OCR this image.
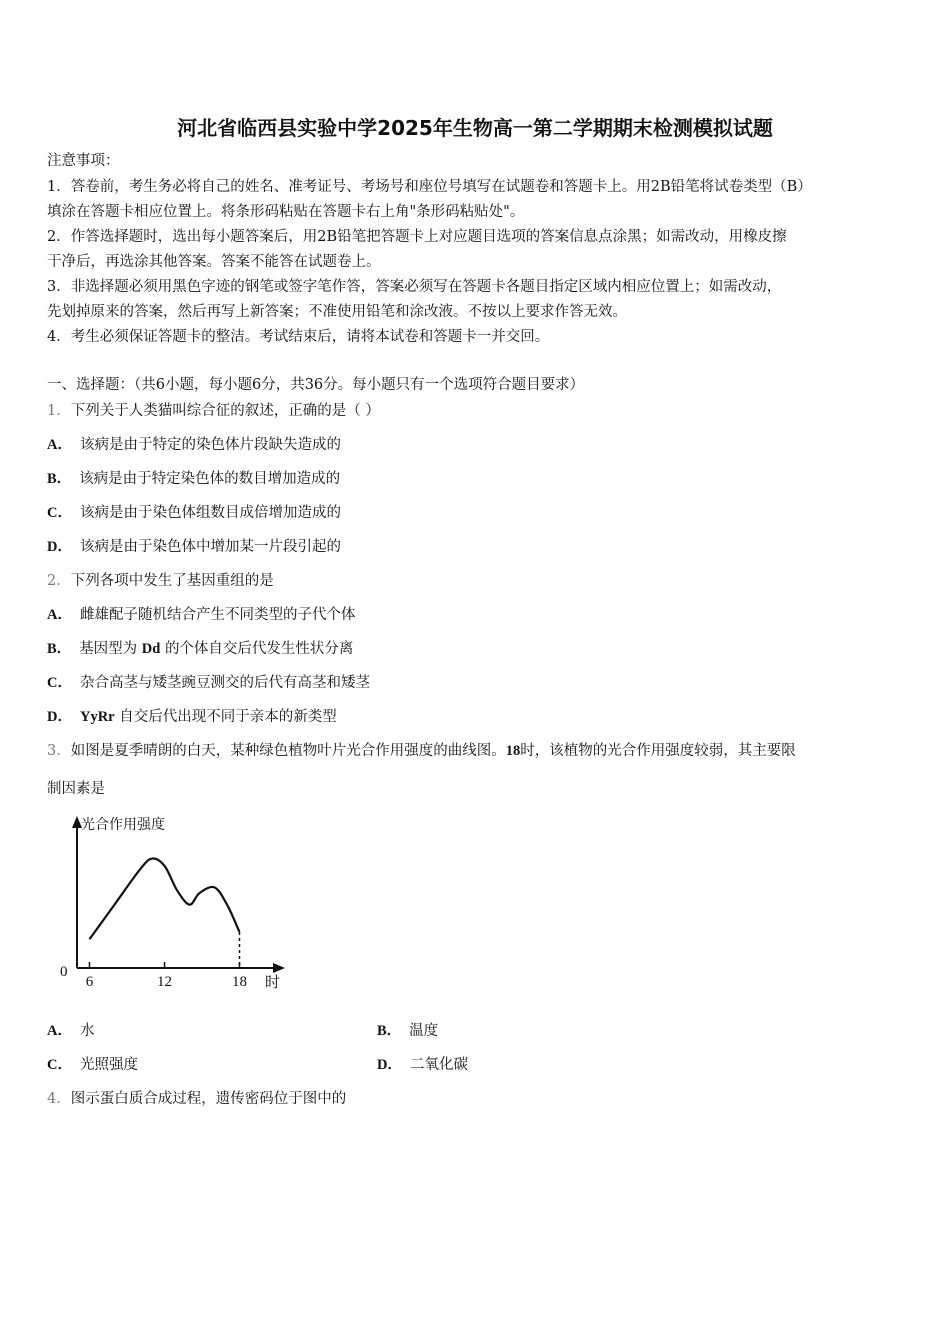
河北省临西县实验中学2025年生物高一第二学期期末检测模拟试题
注意事项：
1．答卷前，考生务必将自己的姓名、准考证号、考场号和座位号填写在试题卷和答题卡上。用2B铅笔将试卷类型（B）
填涂在答题卡相应位置上。将条形码粘贴在答题卡右上角"条形码粘贴处"。
2．作答选择题时，选出每小题答案后，用2B铅笔把答题卡上对应题目选项的答案信息点涂黑；如需改动，用橡皮擦
干净后，再选涂其他答案。答案不能答在试题卷上。
3．非选择题必须用黑色字迹的钢笔或签字笔作答，答案必须写在答题卡各题目指定区域内相应位置上；如需改动，
先划掉原来的答案，然后再写上新答案；不准使用铅笔和涂改液。不按以上要求作答无效。
4．考生必须保证答题卡的整洁。考试结束后，请将本试卷和答题卡一并交回。
一、选择题：（共6小题，每小题6分，共36分。每小题只有一个选项符合题目要求）
1．下列关于人类猫叫综合征的叙述，正确的是（ ）
A． 该病是由于特定的染色体片段缺失造成的
B． 该病是由于特定染色体的数目增加造成的
C． 该病是由于染色体组数目成倍增加造成的
D． 该病是由于染色体中增加某一片段引起的
2．下列各项中发生了基因重组的是
A． 雌雄配子随机结合产生不同类型的子代个体
B． 基因型为 Dd 的个体自交后代发生性状分离
C． 杂合高茎与矮茎豌豆测交的后代有高茎和矮茎
D． YyRr 自交后代出现不同于亲本的新类型
3．如图是夏季晴朗的白天，某种绿色植物叶片光合作用强度的曲线图。18时，该植物的光合作用强度较弱，其主要限
制因素是
光合作用强度
0
时
6	12	18
A． 水	B． 温度
C． 光照强度	D． 二氧化碳
4．图示蛋白质合成过程，遗传密码位于图中的
